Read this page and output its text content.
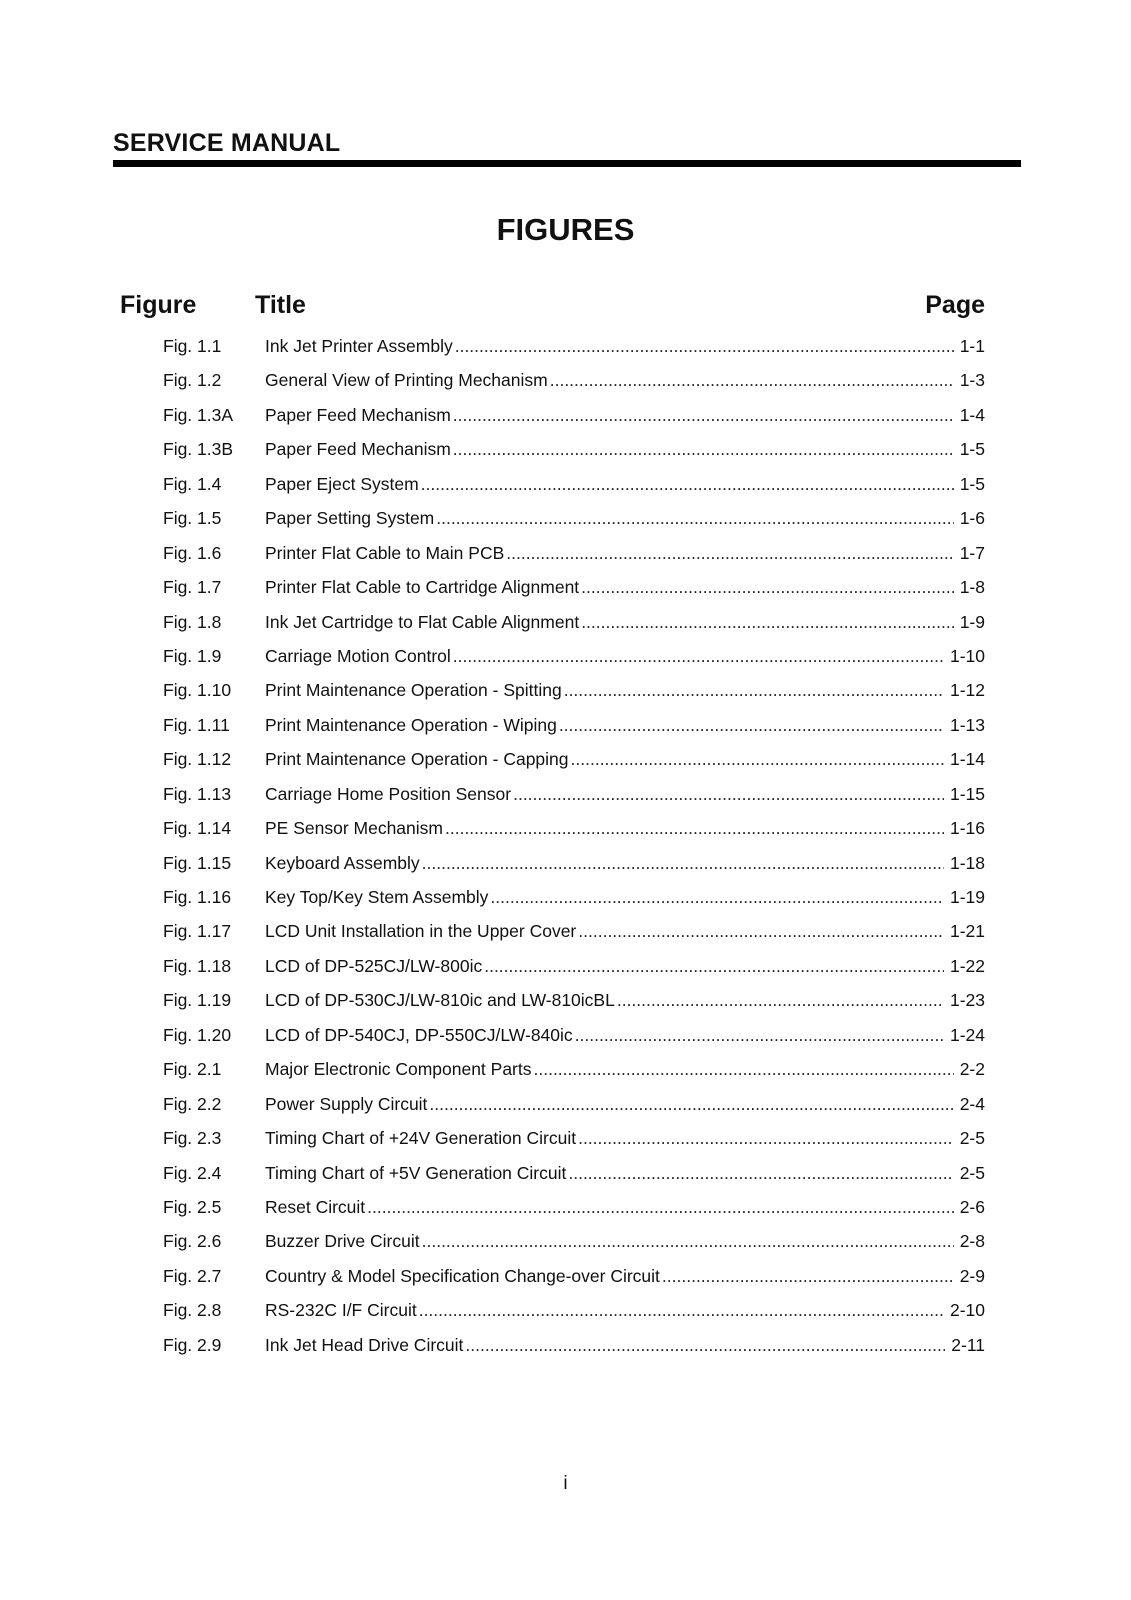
SERVICE MANUAL
FIGURES
Figure Title	Page
Fig. 1.1	Ink Jet Printer Assembly .....	1-1
Fig. 1.2	General View of Printing Mechanism .....	1-3
Fig. 1.3A	Paper Feed Mechanism .....	1-4
Fig. 1.3B	Paper Feed Mechanism .....	1-5
Fig. 1.4	Paper Eject System .....	1-5
Fig. 1.5	Paper Setting System .....	1-6
Fig. 1.6	Printer Flat Cable to Main PCB .....	1-7
Fig. 1.7	Printer Flat Cable to Cartridge Alignment .....	1-8
Fig. 1.8	Ink Jet Cartridge to Flat Cable Alignment .....	1-9
Fig. 1.9	Carriage Motion Control .....	1-10
Fig. 1.10	Print Maintenance Operation - Spitting .....	1-12
Fig. 1.11	Print Maintenance Operation - Wiping .....	1-13
Fig. 1.12	Print Maintenance Operation - Capping .....	1-14
Fig. 1.13	Carriage Home Position Sensor .....	1-15
Fig. 1.14	PE Sensor Mechanism .....	1-16
Fig. 1.15	Keyboard Assembly .....	1-18
Fig. 1.16	Key Top/Key Stem Assembly .....	1-19
Fig. 1.17	LCD Unit Installation in the Upper Cover .....	1-21
Fig. 1.18	LCD of DP-525CJ/LW-800ic .....	1-22
Fig. 1.19	LCD of DP-530CJ/LW-810ic and LW-810icBL .....	1-23
Fig. 1.20	LCD of DP-540CJ, DP-550CJ/LW-840ic .....	1-24
Fig. 2.1	Major Electronic Component Parts .....	2-2
Fig. 2.2	Power Supply Circuit .....	2-4
Fig. 2.3	Timing Chart of +24V Generation Circuit .....	2-5
Fig. 2.4	Timing Chart of +5V Generation Circuit .....	2-5
Fig. 2.5	Reset Circuit .....	2-6
Fig. 2.6	Buzzer Drive Circuit .....	2-8
Fig. 2.7	Country & Model Specification Change-over Circuit .....	2-9
Fig. 2.8	RS-232C I/F Circuit .....	2-10
Fig. 2.9	Ink Jet Head Drive Circuit .....	2-11
i
